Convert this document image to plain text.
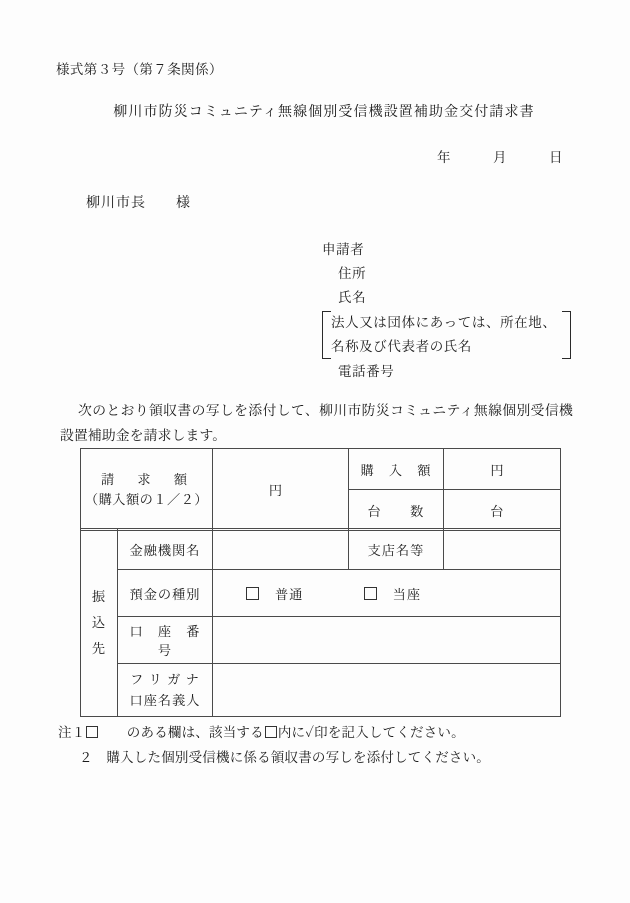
様式第３号（第７条関係）
柳川市防災コミュニティ無線個別受信機設置補助金交付請求書
年　　　月　　　日
柳川市長　　様
申請者
住所
氏名
法人又は団体にあっては、所在地、
名称及び代表者の氏名
電話番号
次のとおり領収書の写しを添付して、柳川市防災コミュニティ無線個別受信機設置補助金を請求します。
請　求　額
（購入額の１／２）	円	購　入　額	円
		台　　数	台
振
込
先	金融機関名		支店名等	
	預金の種別	普通 当座		
	口　座　番　号			

	フ リ ガ ナ
口座名義人			

注１　　のある欄は、該当する 内に✓印を記入してください。
２　購入した個別受信機に係る領収書の写しを添付してください。
